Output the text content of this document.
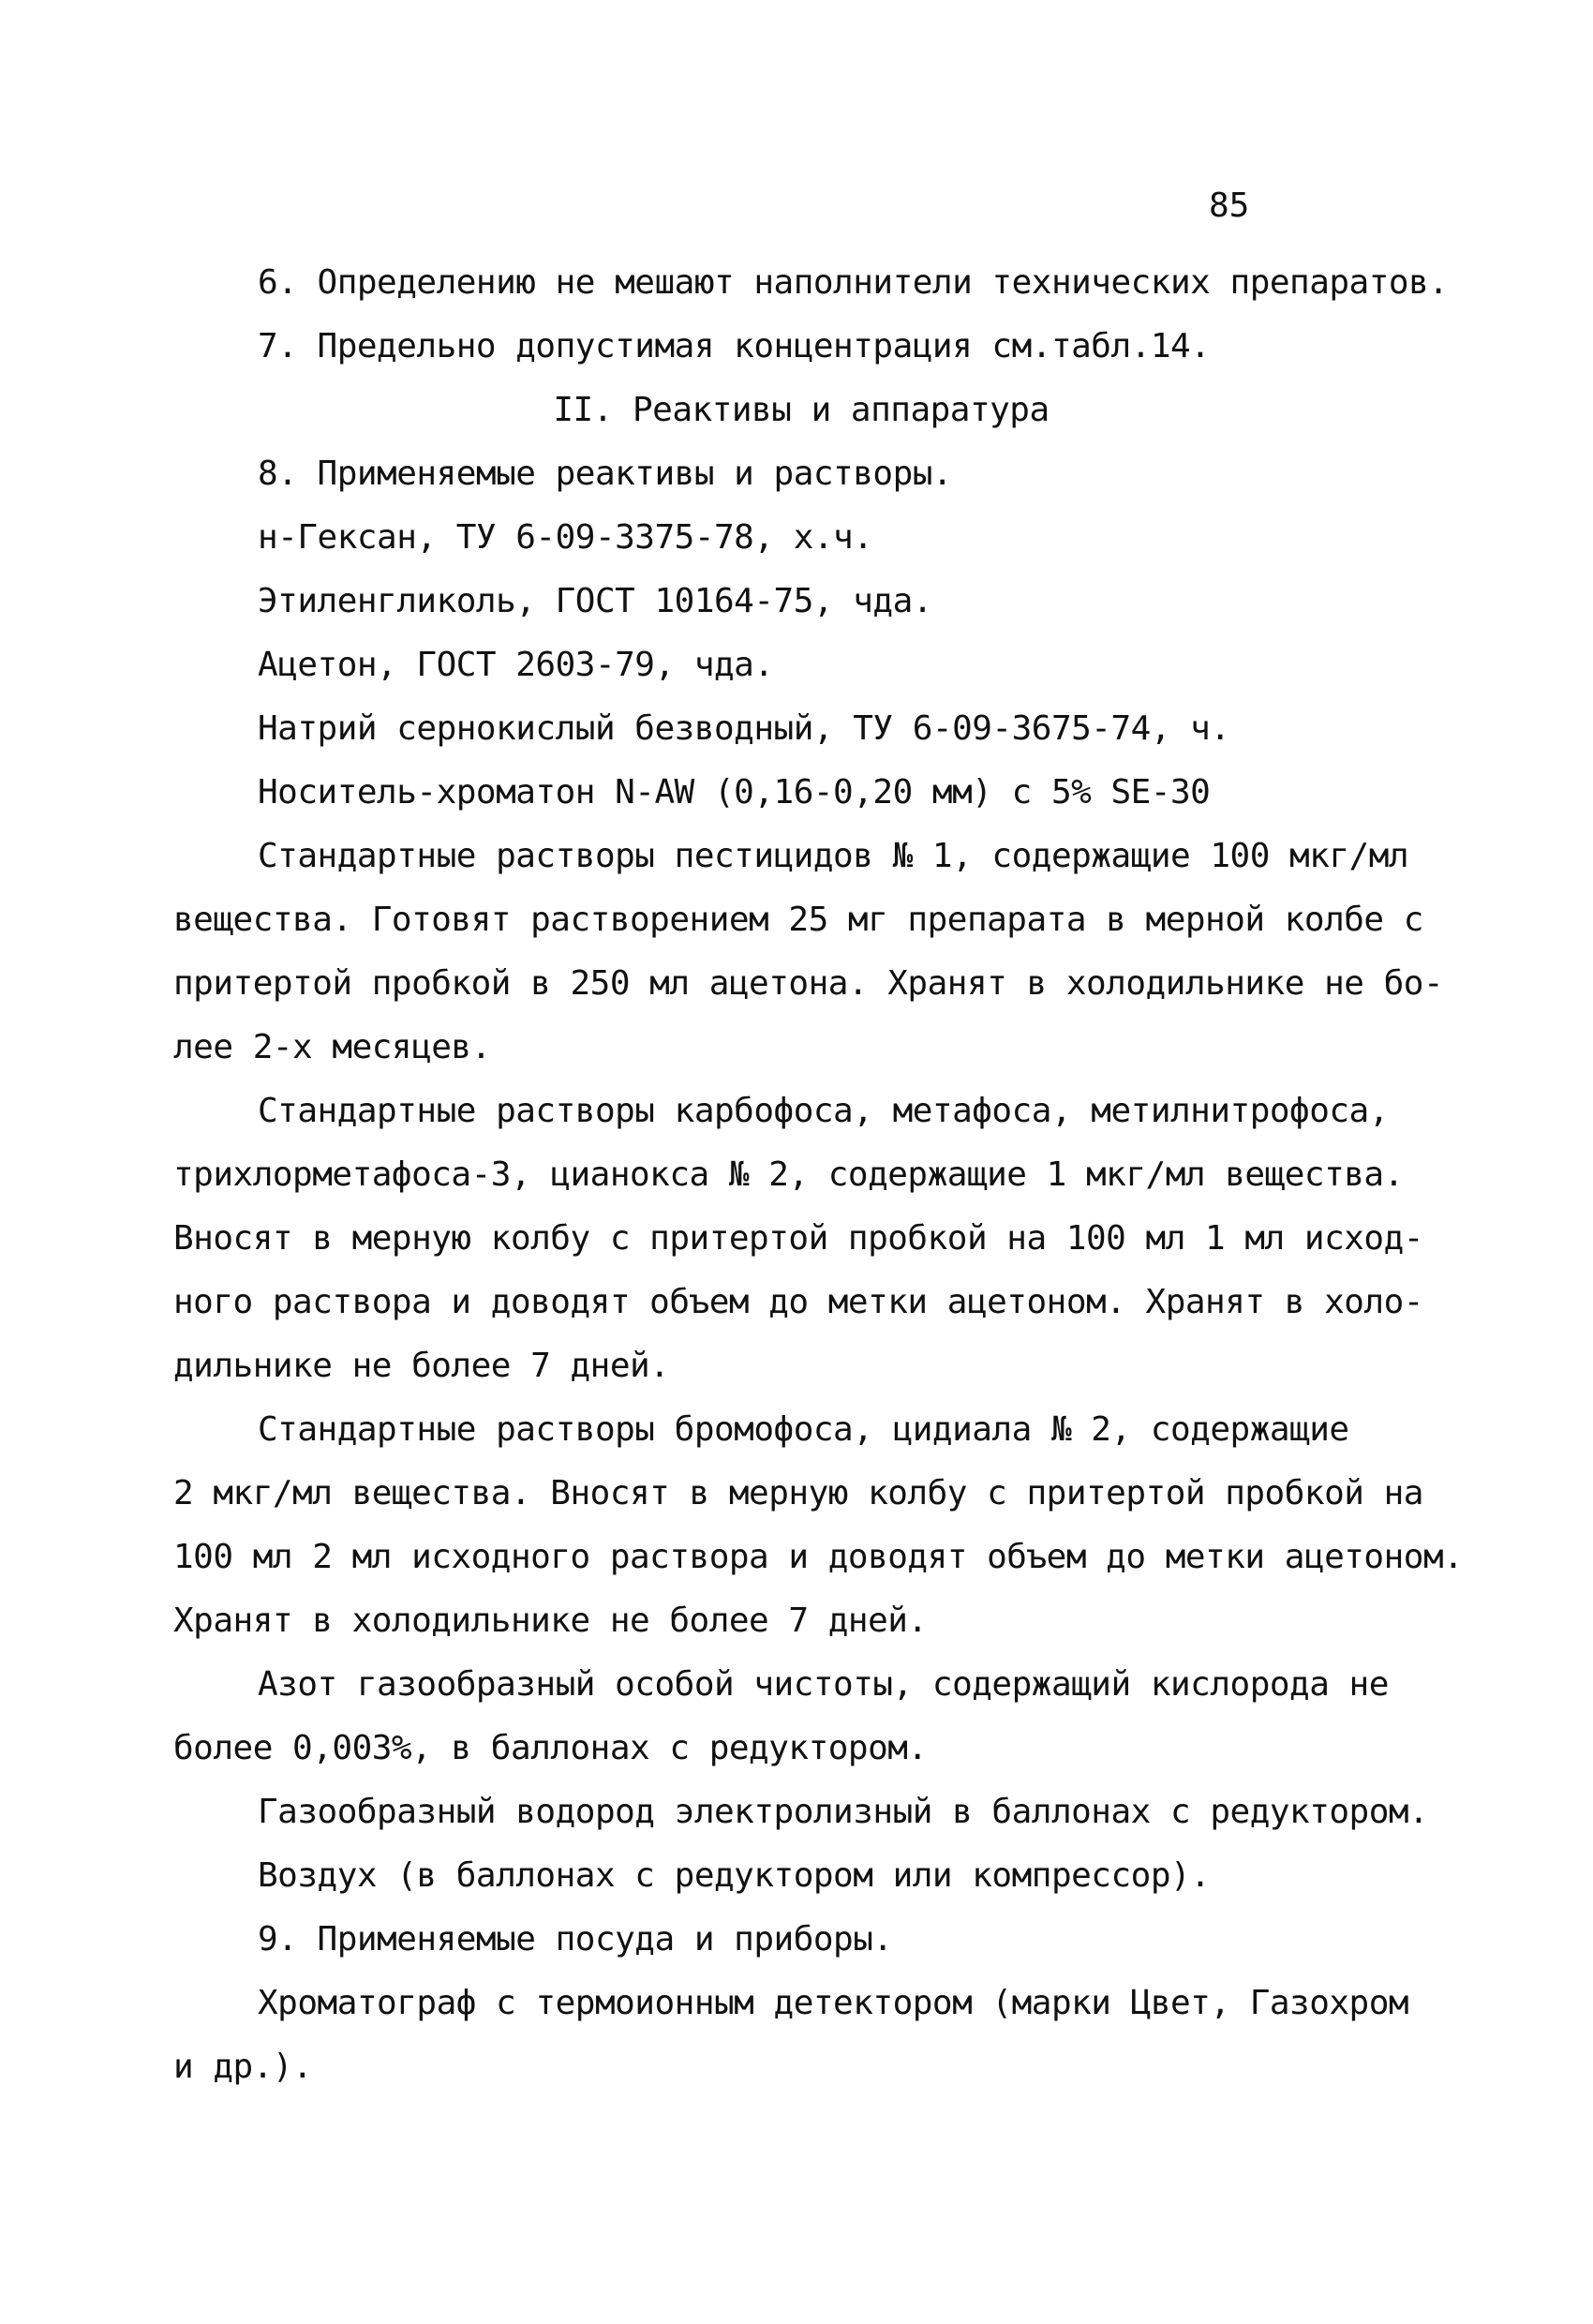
85

6. Определению не мешают наполнители технических препаратов.

7. Предельно допустимая концентрация см.табл.14.

II. Реактивы и аппаратура

8. Применяемые реактивы и растворы.

н-Гексан, ТУ 6-09-3375-78, х.ч.

Этиленгликоль, ГОСТ 10164-75, чда.

Ацетон, ГОСТ 2603-79, чда.

Натрий сернокислый безводный, ТУ 6-09-3675-74, ч.

Носитель-хроматон N-AW (0,16-0,20 мм) с 5% SE-30

Стандартные растворы пестицидов № 1, содержащие 100 мкг/мл

вещества. Готовят растворением 25 мг препарата в мерной колбе с

притертой пробкой в 250 мл ацетона. Хранят в холодильнике не бо-

лее 2-х месяцев.

Стандартные растворы карбофоса, метафоса, метилнитрофоса,

трихлорметафоса-3, цианокса № 2, содержащие 1 мкг/мл вещества.

Вносят в мерную колбу с притертой пробкой на 100 мл 1 мл исход-

ного раствора и доводят объем до метки ацетоном. Хранят в холо-

дильнике не более 7 дней.

Стандартные растворы бромофоса, цидиала № 2, содержащие

2 мкг/мл вещества. Вносят в мерную колбу с притертой пробкой на

100 мл 2 мл исходного раствора и доводят объем до метки ацетоном.

Хранят в холодильнике не более 7 дней.

Азот газообразный особой чистоты, содержащий кислорода не

более 0,003%, в баллонах с редуктором.

Газообразный водород электролизный в баллонах с редуктором.

Воздух (в баллонах с редуктором или компрессор).

9. Применяемые посуда и приборы.

Хроматограф с термоионным детектором (марки Цвет, Газохром

и др.).
